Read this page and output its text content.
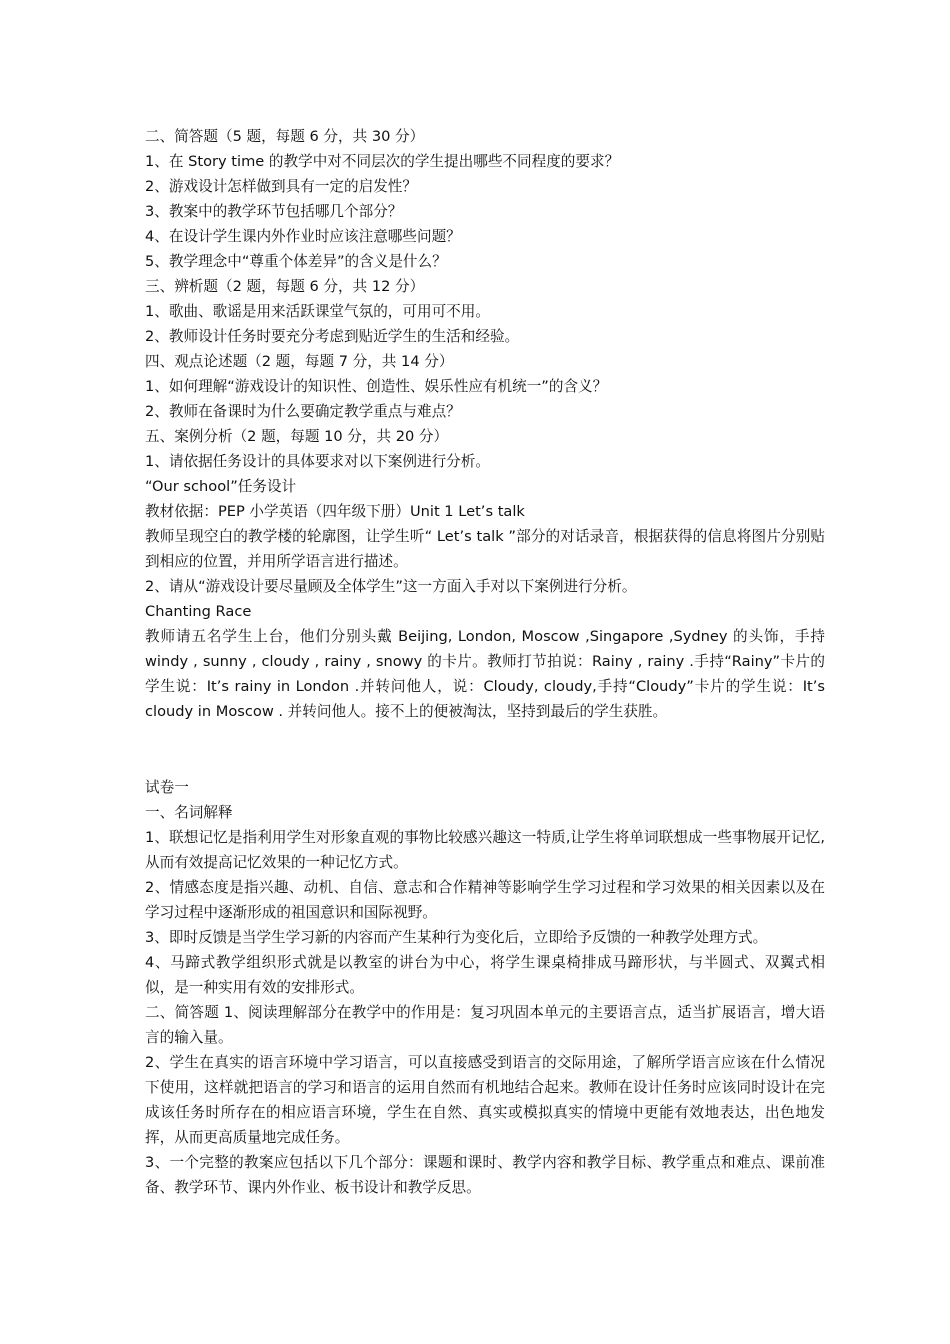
二、简答题（5 题，每题 6 分，共 30 分）

1、在 Story time 的教学中对不同层次的学生提出哪些不同程度的要求？

2、游戏设计怎样做到具有一定的启发性？

3、教案中的教学环节包括哪几个部分？

4、在设计学生课内外作业时应该注意哪些问题？

5、教学理念中“尊重个体差异”的含义是什么？

三、辨析题（2 题，每题 6 分，共 12 分）

1、歌曲、歌谣是用来活跃课堂气氛的，可用可不用。

2、教师设计任务时要充分考虑到贴近学生的生活和经验。

四、观点论述题（2 题，每题 7 分，共 14 分）

1、如何理解“游戏设计的知识性、创造性、娱乐性应有机统一”的含义？

2、教师在备课时为什么要确定教学重点与难点？

五、案例分析（2 题，每题 10 分，共 20 分）

1、请依据任务设计的具体要求对以下案例进行分析。

“Our school”任务设计

教材依据：PEP 小学英语（四年级下册）Unit 1 Let’s talk

教师呈现空白的教学楼的轮廓图，让学生听“ Let’s talk ”部分的对话录音，根据获得的信息将图片分别贴到相应的位置，并用所学语言进行描述。

2、请从“游戏设计要尽量顾及全体学生”这一方面入手对以下案例进行分析。

Chanting Race

教师请五名学生上台，他们分别头戴 Beijing, London, Moscow ,Singapore ,Sydney 的头饰，手持 windy , sunny , cloudy , rainy , snowy 的卡片。教师打节拍说：Rainy , rainy .手持“Rainy”卡片的学生说：It’s rainy in London .并转问他人，说：Cloudy, cloudy,手持“Cloudy”卡片的学生说：It’s cloudy in Moscow . 并转问他人。接不上的便被淘汰，坚持到最后的学生获胜。

试卷一

一、名词解释

1、联想记忆是指利用学生对形象直观的事物比较感兴趣这一特质,让学生将单词联想成一些事物展开记忆,从而有效提高记忆效果的一种记忆方式。

2、情感态度是指兴趣、动机、自信、意志和合作精神等影响学生学习过程和学习效果的相关因素以及在学习过程中逐渐形成的祖国意识和国际视野。

3、即时反馈是当学生学习新的内容而产生某种行为变化后，立即给予反馈的一种教学处理方式。

4、马蹄式教学组织形式就是以教室的讲台为中心，将学生课桌椅排成马蹄形状，与半圆式、双翼式相似，是一种实用有效的安排形式。

二、简答题 1、阅读理解部分在教学中的作用是：复习巩固本单元的主要语言点，适当扩展语言，增大语言的输入量。

2、学生在真实的语言环境中学习语言，可以直接感受到语言的交际用途，了解所学语言应该在什么情况下使用，这样就把语言的学习和语言的运用自然而有机地结合起来。教师在设计任务时应该同时设计在完成该任务时所存在的相应语言环境，学生在自然、真实或模拟真实的情境中更能有效地表达，出色地发挥，从而更高质量地完成任务。

3、一个完整的教案应包括以下几个部分：课题和课时、教学内容和教学目标、教学重点和难点、课前准备、教学环节、课内外作业、板书设计和教学反思。
